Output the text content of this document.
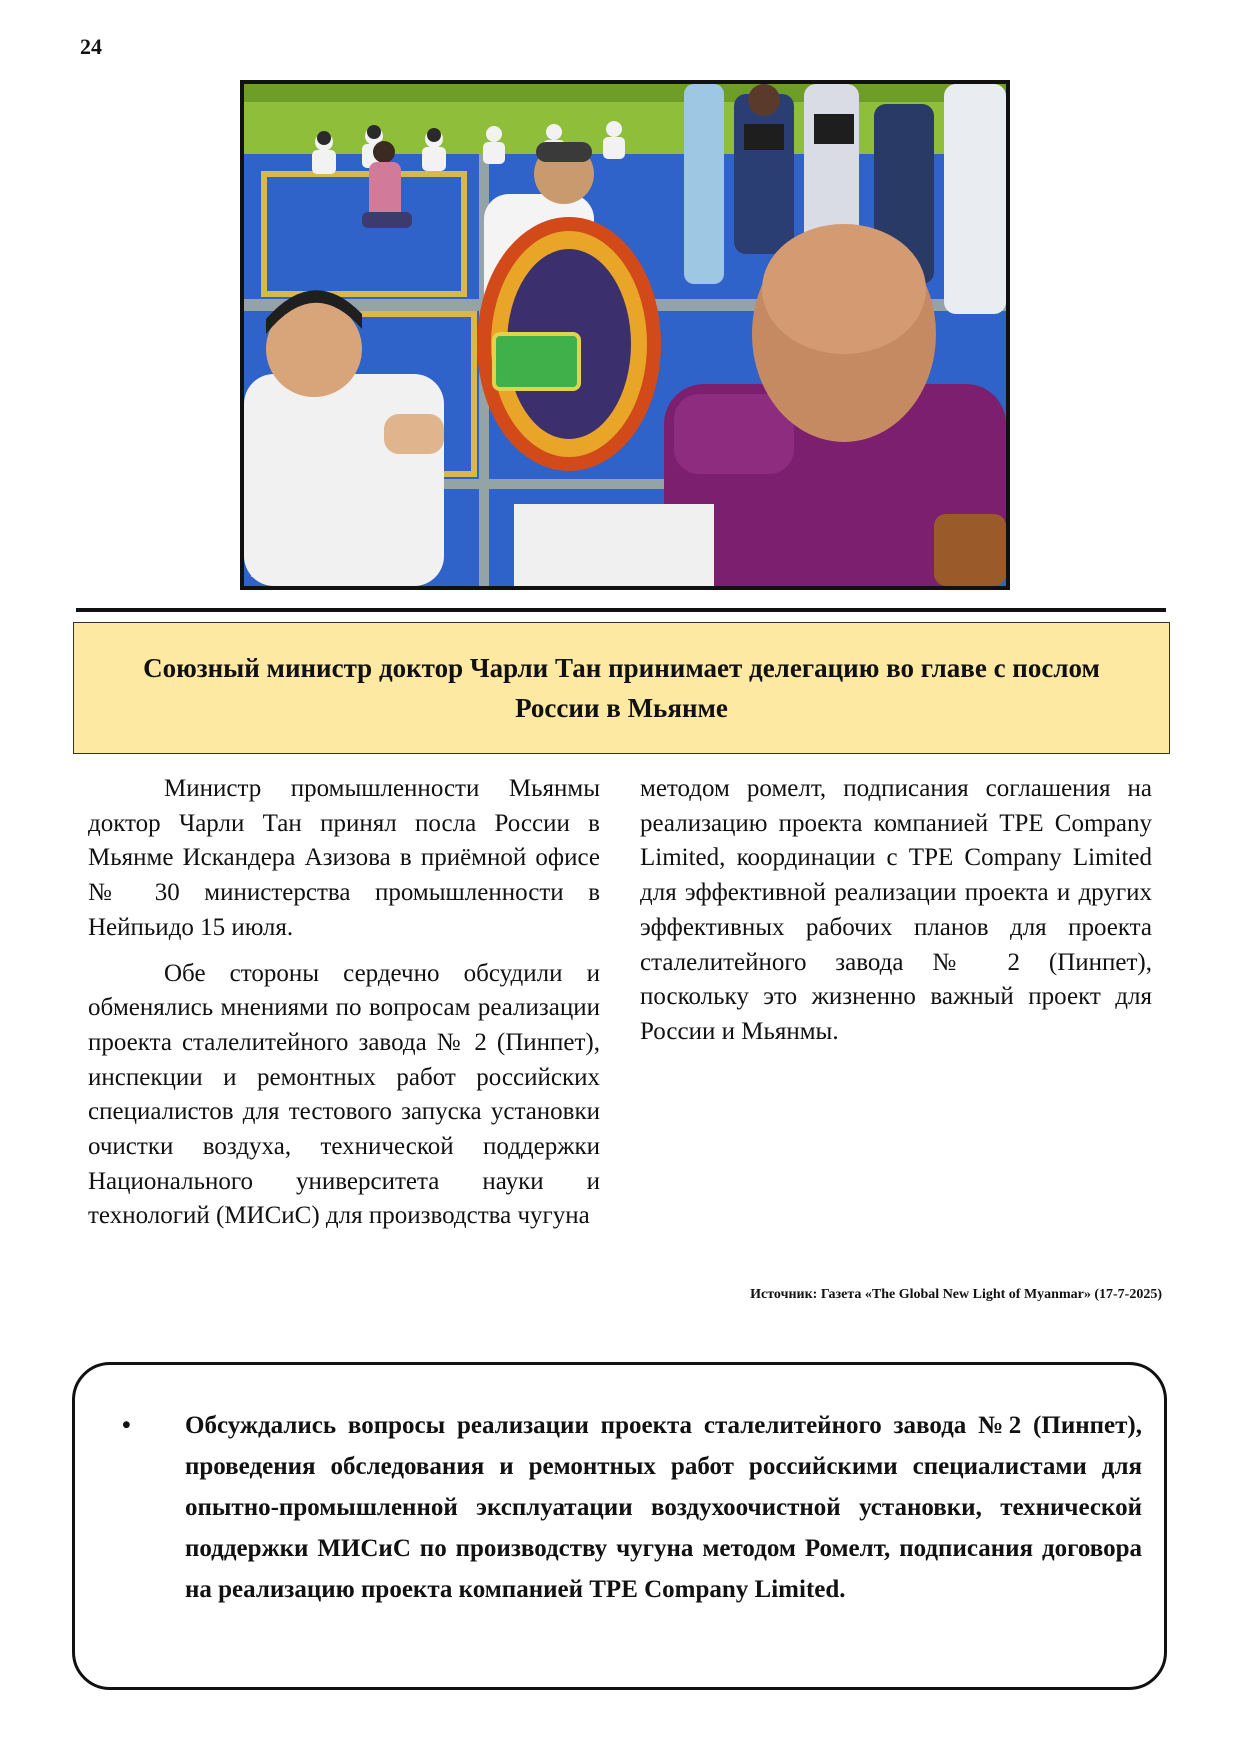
24
Союзный министр доктор Чарли Тан принимает делегацию во главе с послом России в Мьянме

Министр промышленности Мьянмы доктор Чарли Тан принял посла России в Мьянме Искандера Азизова в приёмной офисе № 30 министерства промышленности в Нейпьидо 15 июля.

Обе стороны сердечно обсудили и обменялись мнениями по вопросам реализации проекта сталелитейного завода № 2 (Пинпет), инспекции и ремонтных работ российских специалистов для тестового запуска установки очистки воздуха, технической поддержки Национального университета науки и технологий (МИСиС) для производства чугуна

методом ромелт, подписания соглашения на реализацию проекта компанией TPE Company Limited, координации с TPE Company Limited для эффективной реализации проекта и других эффективных рабочих планов для проекта сталелитейного завода № 2 (Пинпет), поскольку это жизненно важный проект для России и Мьянмы.

Источник: Газета «The Global New Light of Myanmar» (17-7-2025)
• Обсуждались вопросы реализации проекта сталелитейного завода №2 (Пинпет), проведения обследования и ремонтных работ российскими специалистами для опытно-промышленной эксплуатации воздухоочистной установки, технической поддержки МИСиС по производству чугуна методом Ромелт, подписания договора на реализацию проекта компанией TPE Company Limited.
